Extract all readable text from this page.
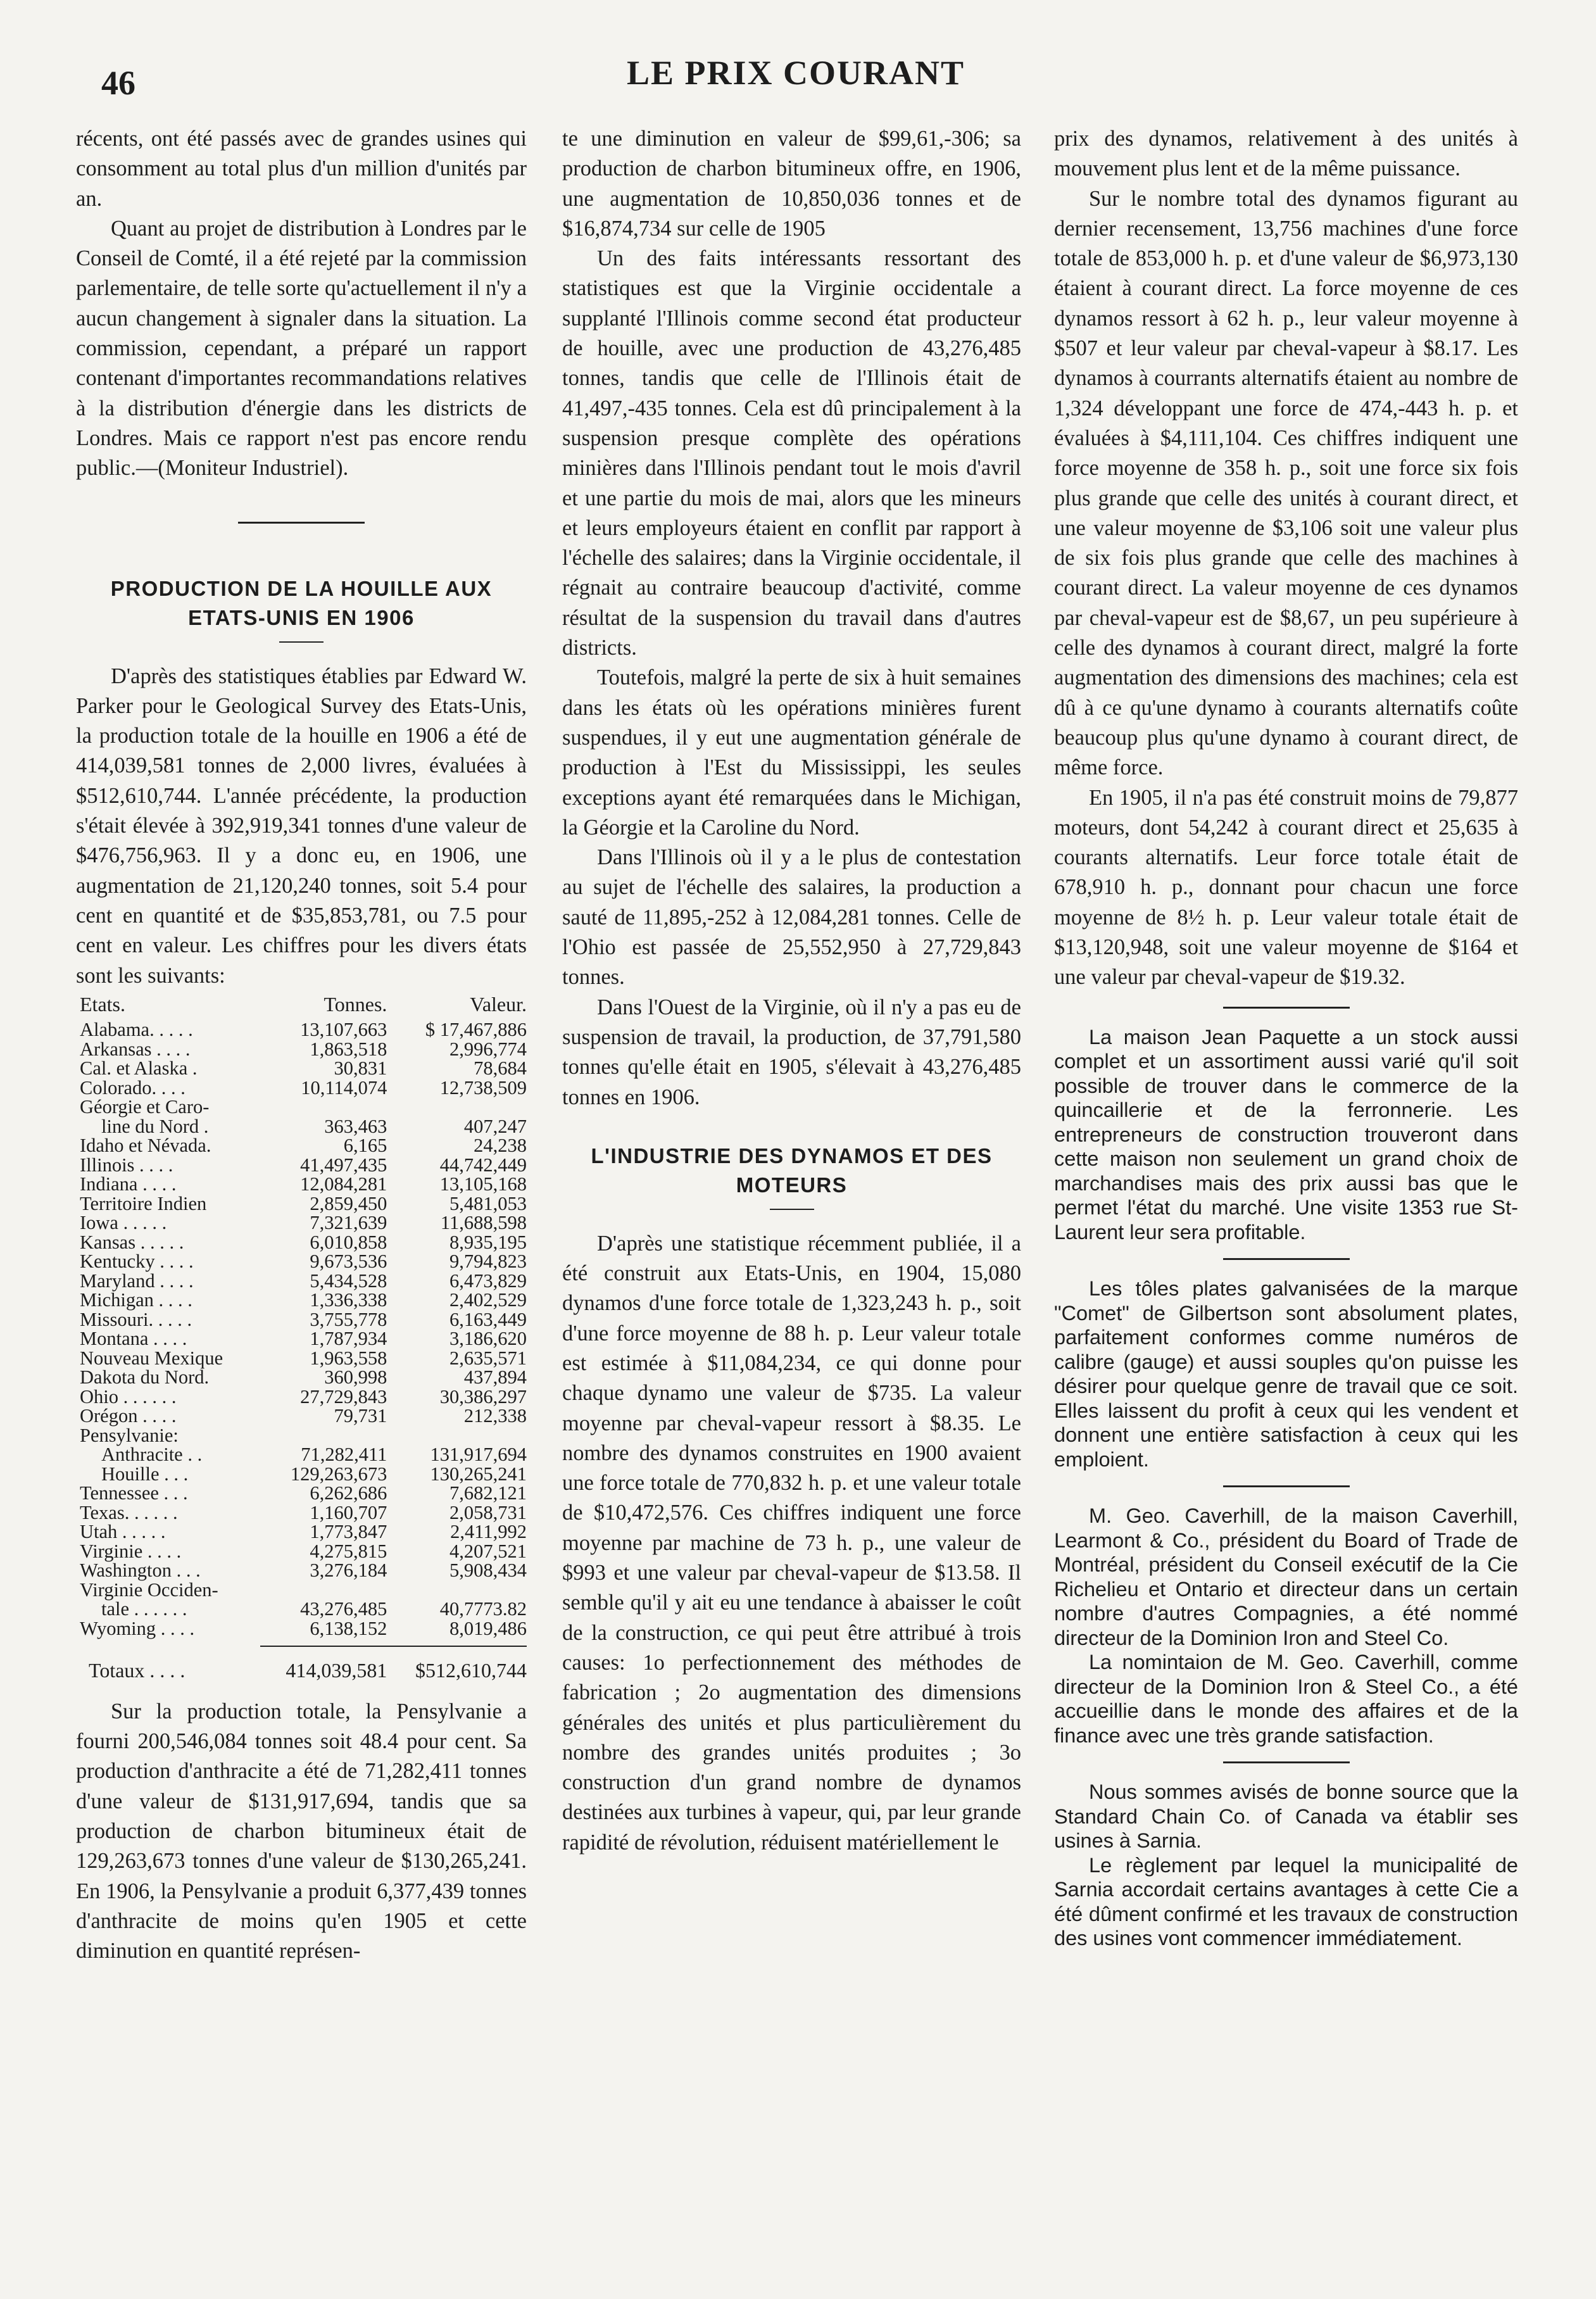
46	LE PRIX COURANT

récents, ont été passés avec de grandes usines qui consomment au total plus d'un million d'unités par an.

Quant au projet de distribution à Londres par le Conseil de Comté, il a été rejeté par la commission parlementaire, de telle sorte qu'actuellement il n'y a aucun changement à signaler dans la situation. La commission, cependant, a préparé un rapport contenant d'importantes recommandations relatives à la distribution d'énergie dans les districts de Londres. Mais ce rapport n'est pas encore rendu public.—(Moniteur Industriel).

PRODUCTION DE LA HOUILLE AUX ETATS-UNIS EN 1906

D'après des statistiques établies par Edward W. Parker pour le Geological Survey des Etats-Unis, la production totale de la houille en 1906 a été de 414,039,581 tonnes de 2,000 livres, évaluées à $512,610,744. L'année précédente, la production s'était élevée à 392,919,341 tonnes d'une valeur de $476,756,963. Il y a donc eu, en 1906, une augmentation de 21,120,240 tonnes, soit 5.4 pour cent en quantité et de $35,853,781, ou 7.5 pour cent en valeur. Les chiffres pour les divers états sont les suivants:

Etats.	Tonnes.	Valeur.
Alabama. . . . .	13,107,663	$ 17,467,886
Arkansas . . . .	1,863,518	2,996,774
Cal. et Alaska .	30,831	78,684
Colorado. . . .	10,114,074	12,738,509
Géorgie et Caro-		
line du Nord .	363,463	407,247
Idaho et Névada.	6,165	24,238
Illinois . . . .	41,497,435	44,742,449
Indiana . . . .	12,084,281	13,105,168
Territoire Indien	2,859,450	5,481,053
Iowa . . . . .	7,321,639	11,688,598
Kansas . . . . .	6,010,858	8,935,195
Kentucky . . . .	9,673,536	9,794,823
Maryland . . . .	5,434,528	6,473,829
Michigan . . . .	1,336,338	2,402,529
Missouri. . . . .	3,755,778	6,163,449
Montana . . . .	1,787,934	3,186,620
Nouveau Mexique	1,963,558	2,635,571
Dakota du Nord.	360,998	437,894
Ohio . . . . . .	27,729,843	30,386,297
Orégon . . . .	79,731	212,338
Pensylvanie:		
Anthracite . .	71,282,411	131,917,694
Houille . . .	129,263,673	130,265,241
Tennessee . . .	6,262,686	7,682,121
Texas. . . . . .	1,160,707	2,058,731
Utah . . . . .	1,773,847	2,411,992
Virginie . . . .	4,275,815	4,207,521
Washington . . .	3,276,184	5,908,434
Virginie Occiden-		
tale . . . . . .	43,276,485	40,7773.82
Wyoming . . . .	6,138,152	8,019,486

Totaux . . . .	414,039,581	$512,610,744

Sur la production totale, la Pensylvanie a fourni 200,546,084 tonnes soit 48.4 pour cent. Sa production d'anthracite a été de 71,282,411 tonnes d'une valeur de $131,917,694, tandis que sa production de charbon bitumineux était de 129,263,673 tonnes d'une valeur de $130,265,241. En 1906, la Pensylvanie a produit 6,377,439 tonnes d'anthracite de moins qu'en 1905 et cette diminution en quantité représen-

te une diminution en valeur de $99,61,-306; sa production de charbon bitumineux offre, en 1906, une augmentation de 10,850,036 tonnes et de $16,874,734 sur celle de 1905

Un des faits intéressants ressortant des statistiques est que la Virginie occidentale a supplanté l'Illinois comme second état producteur de houille, avec une production de 43,276,485 tonnes, tandis que celle de l'Illinois était de 41,497,-435 tonnes. Cela est dû principalement à la suspension presque complète des opérations minières dans l'Illinois pendant tout le mois d'avril et une partie du mois de mai, alors que les mineurs et leurs employeurs étaient en conflit par rapport à l'échelle des salaires; dans la Virginie occidentale, il régnait au contraire beaucoup d'activité, comme résultat de la suspension du travail dans d'autres districts.

Toutefois, malgré la perte de six à huit semaines dans les états où les opérations minières furent suspendues, il y eut une augmentation générale de production à l'Est du Mississippi, les seules exceptions ayant été remarquées dans le Michigan, la Géorgie et la Caroline du Nord.

Dans l'Illinois où il y a le plus de contestation au sujet de l'échelle des salaires, la production a sauté de 11,895,-252 à 12,084,281 tonnes. Celle de l'Ohio est passée de 25,552,950 à 27,729,843 tonnes.

Dans l'Ouest de la Virginie, où il n'y a pas eu de suspension de travail, la production, de 37,791,580 tonnes qu'elle était en 1905, s'élevait à 43,276,485 tonnes en 1906.

L'INDUSTRIE DES DYNAMOS ET DES MOTEURS

D'après une statistique récemment publiée, il a été construit aux Etats-Unis, en 1904, 15,080 dynamos d'une force totale de 1,323,243 h. p., soit d'une force moyenne de 88 h. p. Leur valeur totale est estimée à $11,084,234, ce qui donne pour chaque dynamo une valeur de $735. La valeur moyenne par cheval-vapeur ressort à $8.35. Le nombre des dynamos construites en 1900 avaient une force totale de 770,832 h. p. et une valeur totale de $10,472,576. Ces chiffres indiquent une force moyenne par machine de 73 h. p., une valeur de $993 et une valeur par cheval-vapeur de $13.58. Il semble qu'il y ait eu une tendance à abaisser le coût de la construction, ce qui peut être attribué à trois causes: 1o perfectionnement des méthodes de fabrication ; 2o augmentation des dimensions générales des unités et plus particulièrement du nombre des grandes unités produites ; 3o construction d'un grand nombre de dynamos destinées aux turbines à vapeur, qui, par leur grande rapidité de révolution, réduisent matériellement le

prix des dynamos, relativement à des unités à mouvement plus lent et de la même puissance.

Sur le nombre total des dynamos figurant au dernier recensement, 13,756 machines d'une force totale de 853,000 h. p. et d'une valeur de $6,973,130 étaient à courant direct. La force moyenne de ces dynamos ressort à 62 h. p., leur valeur moyenne à $507 et leur valeur par cheval-vapeur à $8.17. Les dynamos à courrants alternatifs étaient au nombre de 1,324 développant une force de 474,-443 h. p. et évaluées à $4,111,104. Ces chiffres indiquent une force moyenne de 358 h. p., soit une force six fois plus grande que celle des unités à courant direct, et une valeur moyenne de $3,106 soit une valeur plus de six fois plus grande que celle des machines à courant direct. La valeur moyenne de ces dynamos par cheval-vapeur est de $8,67, un peu supérieure à celle des dynamos à courant direct, malgré la forte augmentation des dimensions des machines; cela est dû à ce qu'une dynamo à courants alternatifs coûte beaucoup plus qu'une dynamo à courant direct, de même force.

En 1905, il n'a pas été construit moins de 79,877 moteurs, dont 54,242 à courant direct et 25,635 à courants alternatifs. Leur force totale était de 678,910 h. p., donnant pour chacun une force moyenne de 8½ h. p. Leur valeur totale était de $13,120,948, soit une valeur moyenne de $164 et une valeur par cheval-vapeur de $19.32.

La maison Jean Paquette a un stock aussi complet et un assortiment aussi varié qu'il soit possible de trouver dans le commerce de la quincaillerie et de la ferronnerie. Les entrepreneurs de construction trouveront dans cette maison non seulement un grand choix de marchandises mais des prix aussi bas que le permet l'état du marché. Une visite 1353 rue St-Laurent leur sera profitable.

Les tôles plates galvanisées de la marque "Comet" de Gilbertson sont absolument plates, parfaitement conformes comme numéros de calibre (gauge) et aussi souples qu'on puisse les désirer pour quelque genre de travail que ce soit. Elles laissent du profit à ceux qui les vendent et donnent une entière satisfaction à ceux qui les emploient.

M. Geo. Caverhill, de la maison Caverhill, Learmont & Co., président du Board of Trade de Montréal, président du Conseil exécutif de la Cie Richelieu et Ontario et directeur dans un certain nombre d'autres Compagnies, a été nommé directeur de la Dominion Iron and Steel Co.

La nomintaion de M. Geo. Caverhill, comme directeur de la Dominion Iron & Steel Co., a été accueillie dans le monde des affaires et de la finance avec une très grande satisfaction.

Nous sommes avisés de bonne source que la Standard Chain Co. of Canada va établir ses usines à Sarnia.

Le règlement par lequel la municipalité de Sarnia accordait certains avantages à cette Cie a été dûment confirmé et les travaux de construction des usines vont commencer immédiatement.
